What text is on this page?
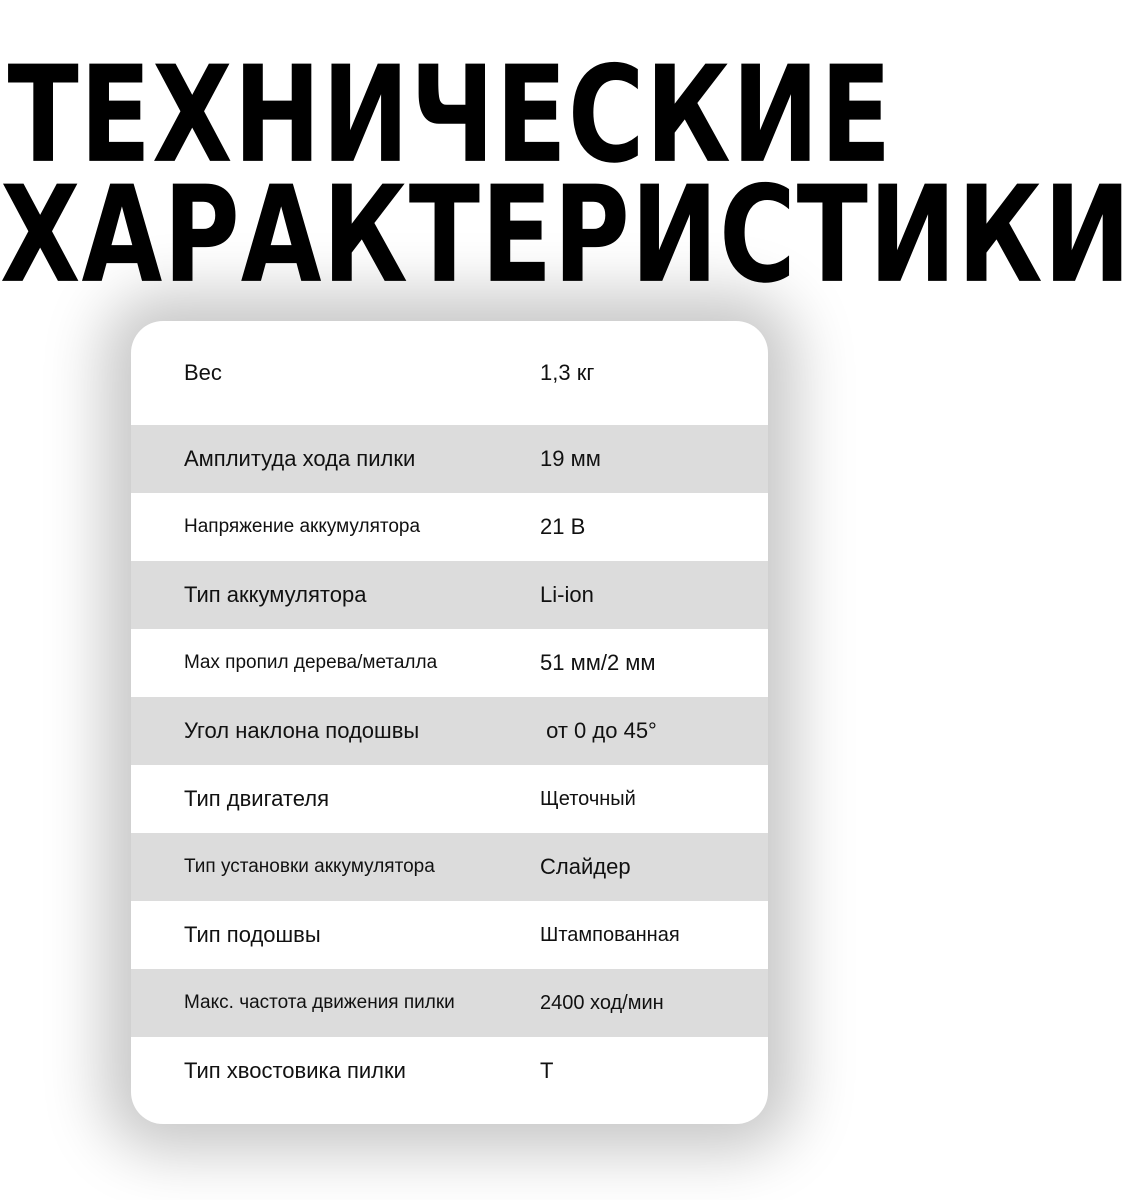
ТЕХНИЧЕСКИЕ
ХАРАКТЕРИСТИКИ
Вес	1,3 кг
Амплитуда хода пилки	19 мм
Напряжение аккумулятора	21 В
Тип аккумулятора	Li-ion
Max пропил дерева/металла	51 мм/2 мм
Угол наклона подошвы	от 0 до 45°
Тип двигателя	Щеточный
Тип установки аккумулятора	Слайдер
Тип подошвы	Штампованная
Макс. частота движения пилки	2400 ход/мин
Тип хвостовика пилки	Т
